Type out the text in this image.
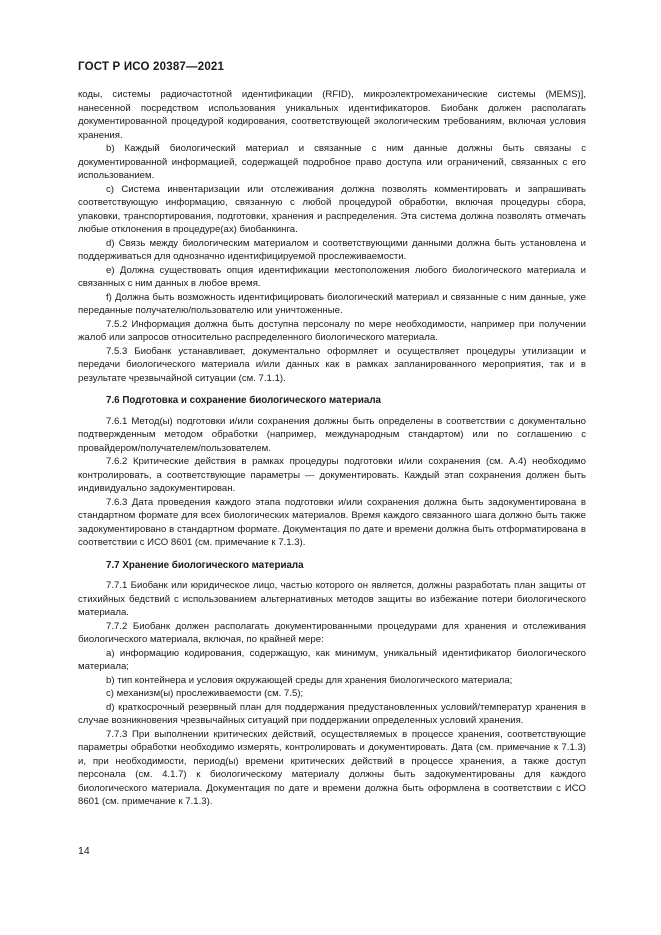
ГОСТ Р ИСО 20387—2021

коды, системы радиочастотной идентификации (RFID), микроэлектромеханические системы (MEMS)], нанесенной посредством использования уникальных идентификаторов. Биобанк должен располагать документированной процедурой кодирования, соответствующей экологическим требованиям, включая условия хранения.

b) Каждый биологический материал и связанные с ним данные должны быть связаны с документированной информацией, содержащей подробное право доступа или ограничений, связанных с его использованием.

c) Система инвентаризации или отслеживания должна позволять комментировать и запрашивать соответствующую информацию, связанную с любой процедурой обработки, включая процедуры сбора, упаковки, транспортирования, подготовки, хранения и распределения. Эта система должна позволять отмечать любые отклонения в процедуре(ах) биобанкинга.

d) Связь между биологическим материалом и соответствующими данными должна быть установлена и поддерживаться для однозначно идентифицируемой прослеживаемости.

e) Должна существовать опция идентификации местоположения любого биологического материала и связанных с ним данных в любое время.

f) Должна быть возможность идентифицировать биологический материал и связанные с ним данные, уже переданные получателю/пользователю или уничтоженные.

7.5.2 Информация должна быть доступна персоналу по мере необходимости, например при получении жалоб или запросов относительно распределенного биологического материала.

7.5.3 Биобанк устанавливает, документально оформляет и осуществляет процедуры утилизации и передачи биологического материала и/или данных как в рамках запланированного мероприятия, так и в результате чрезвычайной ситуации (см. 7.1.1).

7.6 Подготовка и сохранение биологического материала

7.6.1 Метод(ы) подготовки и/или сохранения должны быть определены в соответствии с документально подтвержденным методом обработки (например, международным стандартом) или по соглашению с провайдером/получателем/пользователем.

7.6.2 Критические действия в рамках процедуры подготовки и/или сохранения (см. А.4) необходимо контролировать, а соответствующие параметры — документировать. Каждый этап сохранения должен быть индивидуально задокументирован.

7.6.3 Дата проведения каждого этапа подготовки и/или сохранения должна быть задокументирована в стандартном формате для всех биологических материалов. Время каждого связанного шага должно быть также задокументировано в стандартном формате. Документация по дате и времени должна быть отформатирована в соответствии с ИСО 8601 (см. примечание к 7.1.3).

7.7 Хранение биологического материала

7.7.1 Биобанк или юридическое лицо, частью которого он является, должны разработать план защиты от стихийных бедствий с использованием альтернативных методов защиты во избежание потери биологического материала.

7.7.2 Биобанк должен располагать документированными процедурами для хранения и отслеживания биологического материала, включая, по крайней мере:

a) информацию кодирования, содержащую, как минимум, уникальный идентификатор биологического материала;

b) тип контейнера и условия окружающей среды для хранения биологического материала;

c) механизм(ы) прослеживаемости (см. 7.5);

d) краткосрочный резервный план для поддержания предустановленных условий/температур хранения в случае возникновения чрезвычайных ситуаций при поддержании определенных условий хранения.

7.7.3 При выполнении критических действий, осуществляемых в процессе хранения, соответствующие параметры обработки необходимо измерять, контролировать и документировать. Дата (см. примечание к 7.1.3) и, при необходимости, период(ы) времени критических действий в процессе хранения, а также доступ персонала (см. 4.1.7) к биологическому материалу должны быть задокументированы для каждого биологического материала. Документация по дате и времени должна быть оформлена в соответствии с ИСО 8601 (см. примечание к 7.1.3).

14
